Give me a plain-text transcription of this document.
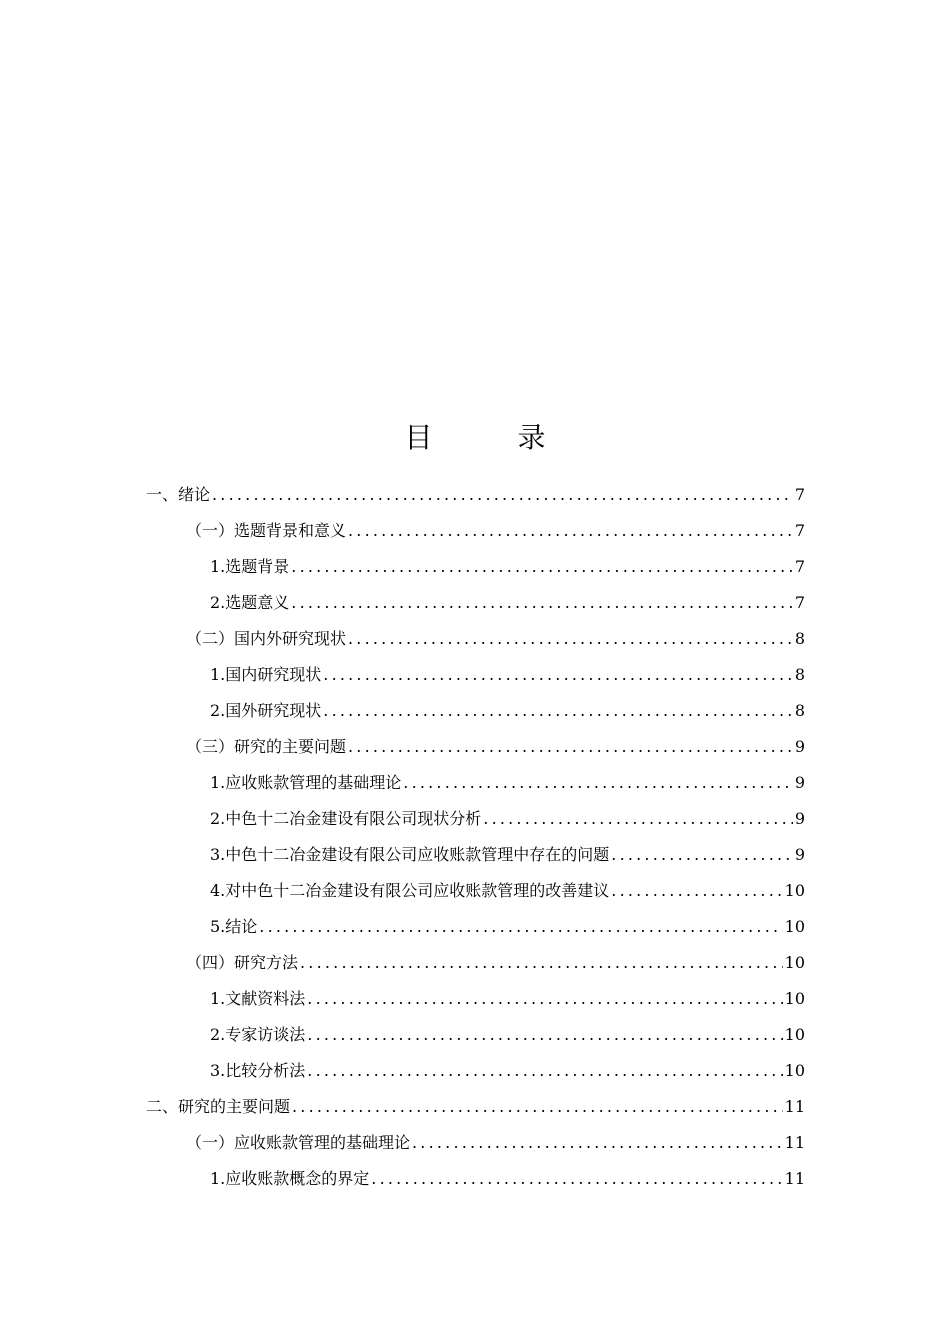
目 录
一、绪论 .....	7
（一）选题背景和意义 .....	7
1.选题背景 .....	7
2.选题意义 .....	7
（二）国内外研究现状 .....	8
1.国内研究现状 .....	8
2.国外研究现状 .....	8
（三）研究的主要问题 .....	9
1.应收账款管理的基础理论 .....	9
2.中色十二冶金建设有限公司现状分析 .....	9
3.中色十二冶金建设有限公司应收账款管理中存在的问题 .....	9
4.对中色十二冶金建设有限公司应收账款管理的改善建议 .....	10
5.结论 .....	10
（四）研究方法 .....	10
1.文献资料法 .....	10
2.专家访谈法 .....	10
3.比较分析法 .....	10
二、研究的主要问题 .....	11
（一）应收账款管理的基础理论 .....	11
1.应收账款概念的界定 .....	11
